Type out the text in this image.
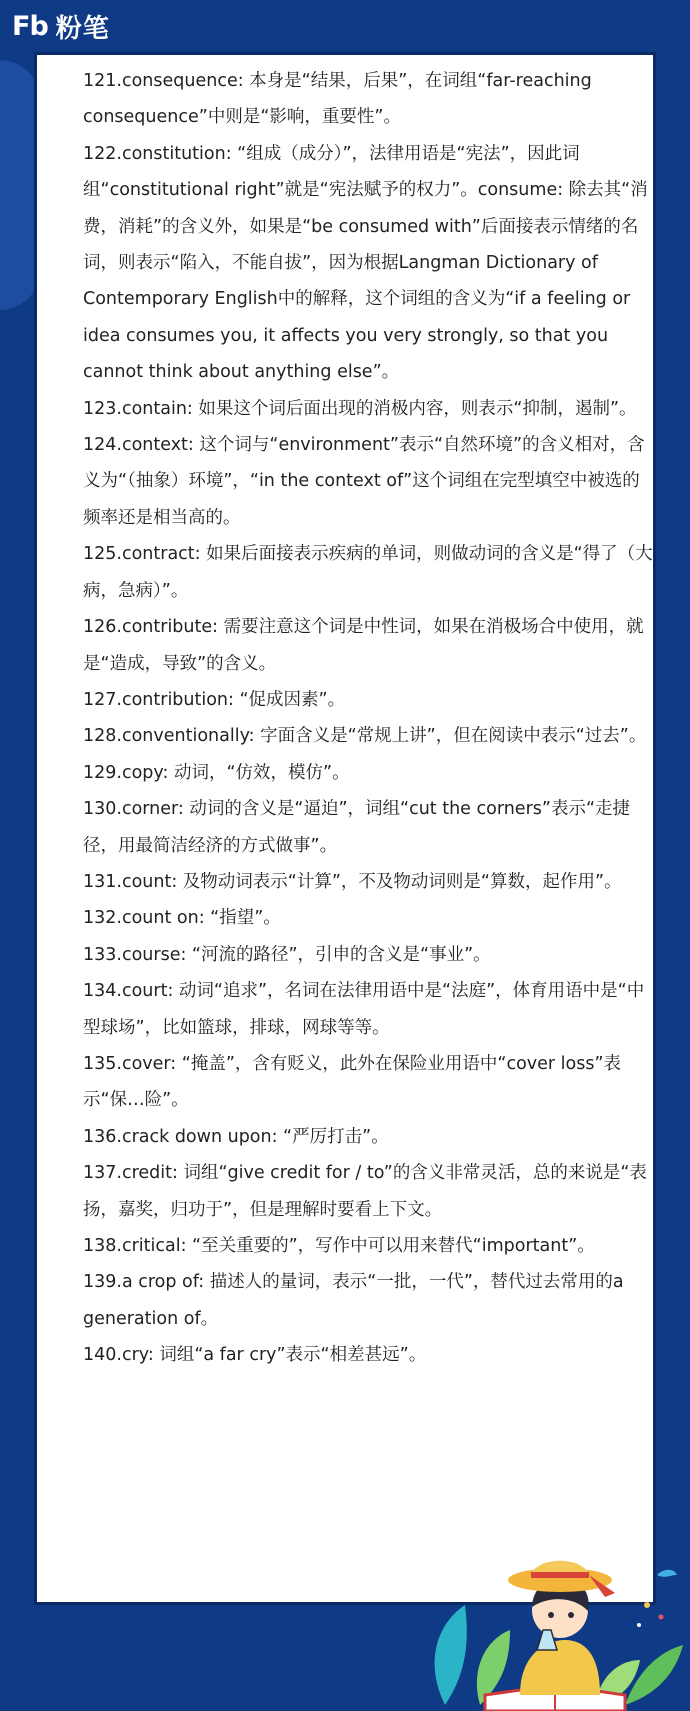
Fb 粉笔

121.consequence: 本身是“结果，后果”，在词组“far-reaching consequence”中则是“影响，重要性”。

122.constitution: “组成（成分）”，法律用语是“宪法”，因此词组“constitutional right”就是“宪法赋予的权力”。consume: 除去其“消费，消耗”的含义外，如果是“be consumed with”后面接表示情绪的名词，则表示“陷入，不能自拔”，因为根据Langman Dictionary of Contemporary English中的解释，这个词组的含义为“if a feeling or idea consumes you, it affects you very strongly, so that you cannot think about anything else”。

123.contain: 如果这个词后面出现的消极内容，则表示“抑制，遏制”。

124.context: 这个词与“environment”表示“自然环境”的含义相对，含义为“（抽象）环境”，“in the context of”这个词组在完型填空中被选的频率还是相当高的。

125.contract: 如果后面接表示疾病的单词，则做动词的含义是“得了（大病，急病）”。

126.contribute: 需要注意这个词是中性词，如果在消极场合中使用，就是“造成，导致”的含义。

127.contribution: “促成因素”。

128.conventionally: 字面含义是“常规上讲”，但在阅读中表示“过去”。

129.copy: 动词，“仿效，模仿”。

130.corner: 动词的含义是“逼迫”，词组“cut the corners”表示“走捷径，用最简洁经济的方式做事”。

131.count: 及物动词表示“计算”，不及物动词则是“算数，起作用”。

132.count on: “指望”。

133.course: “河流的路径”，引申的含义是“事业”。

134.court: 动词“追求”，名词在法律用语中是“法庭”，体育用语中是“中型球场”，比如篮球，排球，网球等等。

135.cover: “掩盖”，含有贬义，此外在保险业用语中“cover loss”表示“保…险”。

136.crack down upon: “严厉打击”。

137.credit: 词组“give credit for / to”的含义非常灵活，总的来说是“表扬，嘉奖，归功于”，但是理解时要看上下文。

138.critical: “至关重要的”，写作中可以用来替代“important”。

139.a crop of: 描述人的量词，表示“一批，一代”，替代过去常用的a generation of。

140.cry: 词组“a far cry”表示“相差甚远”。
